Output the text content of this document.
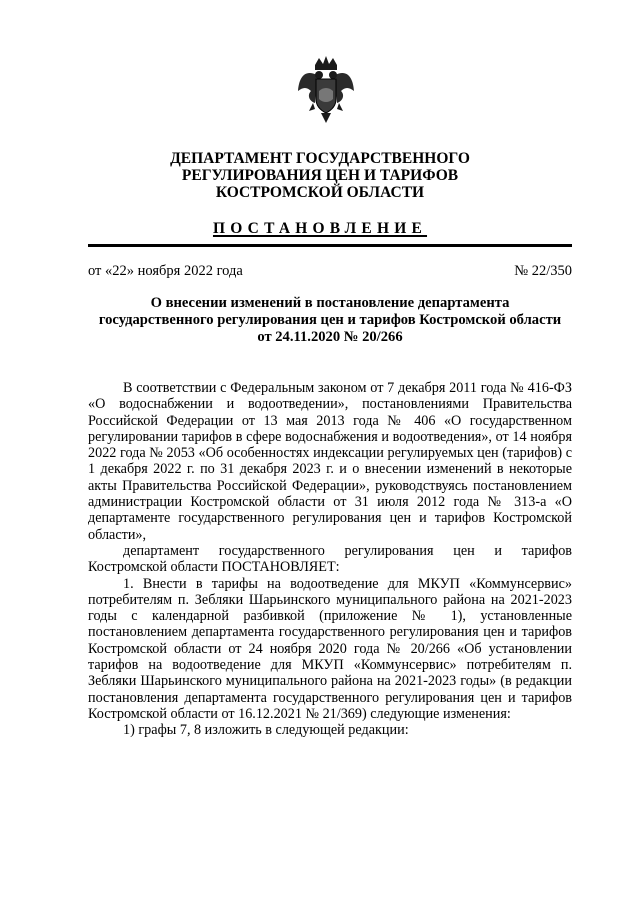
ДЕПАРТАМЕНТ ГОСУДАРСТВЕННОГО
РЕГУЛИРОВАНИЯ ЦЕН И ТАРИФОВ
КОСТРОМСКОЙ ОБЛАСТИ
ПОСТАНОВЛЕНИЕ
от «22» ноября 2022 года	№ 22/350
О внесении изменений в постановление департамента
государственного регулирования цен и тарифов Костромской области
от 24.11.2020 № 20/266

В соответствии с Федеральным законом от 7 декабря 2011 года № 416-ФЗ «О водоснабжении и водоотведении», постановлениями Правительства Российской Федерации от 13 мая 2013 года № 406 «О государственном регулировании тарифов в сфере водоснабжения и водоотведения», от 14 ноября 2022 года № 2053 «Об особенностях индексации регулируемых цен (тарифов) с 1 декабря 2022 г. по 31 декабря 2023 г. и о внесении изменений в некоторые акты Правительства Российской Федерации», руководствуясь постановлением администрации Костромской области от 31 июля 2012 года № 313-а «О департаменте государственного регулирования цен и тарифов Костромской области»,

департамент государственного регулирования цен и тарифов Костромской области ПОСТАНОВЛЯЕТ:

1. Внести в тарифы на водоотведение для МКУП «Коммунсервис» потребителям п. Зебляки Шарьинского муниципального района на 2021-2023 годы с календарной разбивкой (приложение № 1), установленные постановлением департамента государственного регулирования цен и тарифов Костромской области от 24 ноября 2020 года № 20/266 «Об установлении тарифов на водоотведение для МКУП «Коммунсервис» потребителям п. Зебляки Шарьинского муниципального района на 2021-2023 годы» (в редакции постановления департамента государственного регулирования цен и тарифов Костромской области от 16.12.2021 № 21/369) следующие изменения:

1) графы 7, 8 изложить в следующей редакции:
